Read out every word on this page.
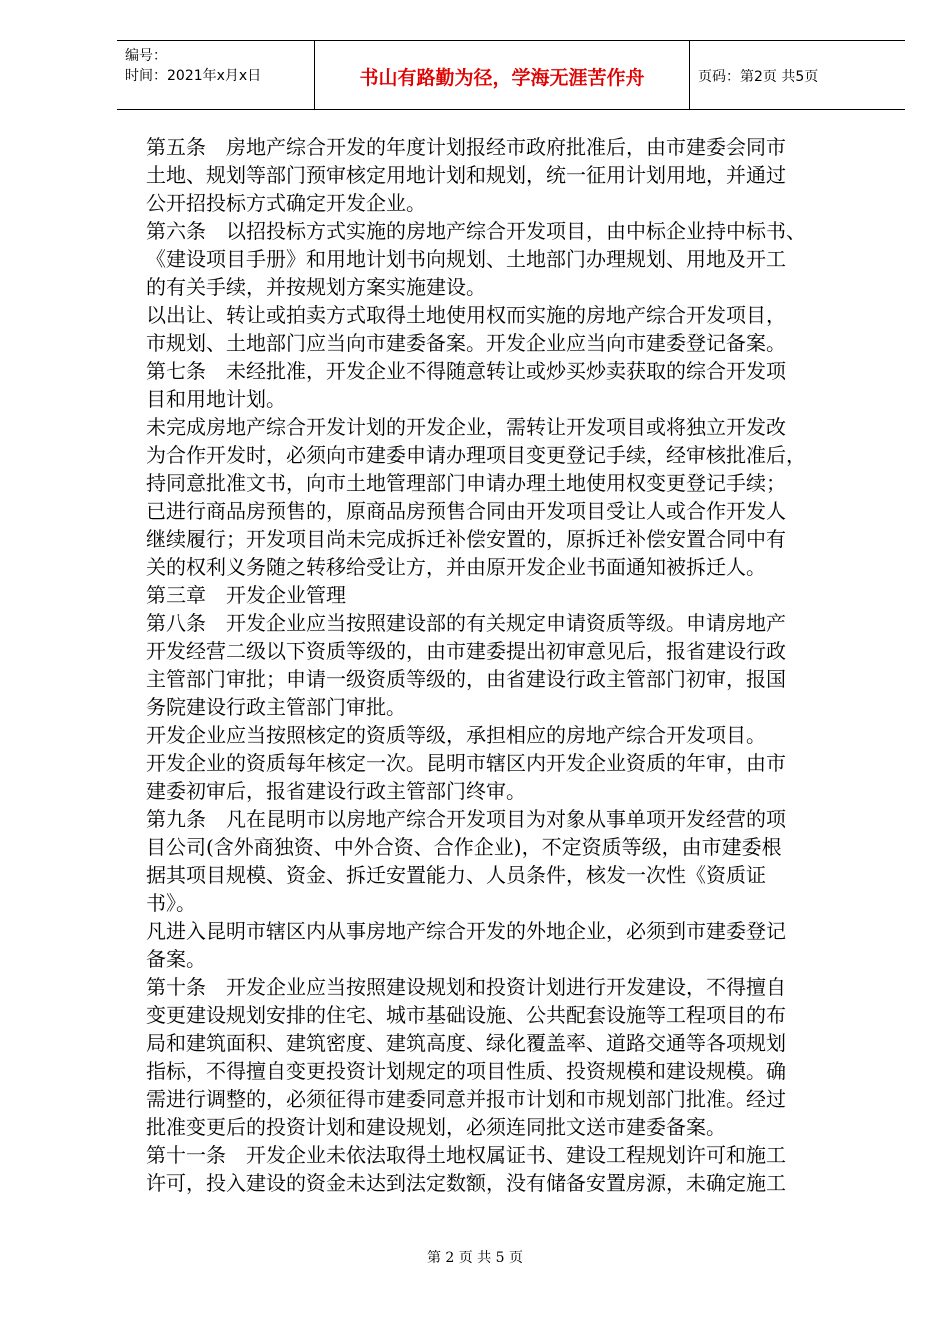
编号：
时间：2021年x月x日	书山有路勤为径，学海无涯苦作舟	页码：第2页 共5页
第五条　房地产综合开发的年度计划报经市政府批准后，由市建委会同市
土地、规划等部门预审核定用地计划和规划，统一征用计划用地，并通过
公开招投标方式确定开发企业。
第六条　以招投标方式实施的房地产综合开发项目，由中标企业持中标书、
《建设项目手册》和用地计划书向规划、土地部门办理规划、用地及开工
的有关手续，并按规划方案实施建设。
以出让、转让或拍卖方式取得土地使用权而实施的房地产综合开发项目，
市规划、土地部门应当向市建委备案。开发企业应当向市建委登记备案。
第七条　未经批准，开发企业不得随意转让或炒买炒卖获取的综合开发项
目和用地计划。
未完成房地产综合开发计划的开发企业，需转让开发项目或将独立开发改
为合作开发时，必须向市建委申请办理项目变更登记手续，经审核批准后，
持同意批准文书，向市土地管理部门申请办理土地使用权变更登记手续；
已进行商品房预售的，原商品房预售合同由开发项目受让人或合作开发人
继续履行；开发项目尚未完成拆迁补偿安置的，原拆迁补偿安置合同中有
关的权利义务随之转移给受让方，并由原开发企业书面通知被拆迁人。
第三章　开发企业管理
第八条　开发企业应当按照建设部的有关规定申请资质等级。申请房地产
开发经营二级以下资质等级的，由市建委提出初审意见后，报省建设行政
主管部门审批；申请一级资质等级的，由省建设行政主管部门初审，报国
务院建设行政主管部门审批。
开发企业应当按照核定的资质等级，承担相应的房地产综合开发项目。
开发企业的资质每年核定一次。昆明市辖区内开发企业资质的年审，由市
建委初审后，报省建设行政主管部门终审。
第九条　凡在昆明市以房地产综合开发项目为对象从事单项开发经营的项
目公司(含外商独资、中外合资、合作企业)，不定资质等级，由市建委根
据其项目规模、资金、拆迁安置能力、人员条件，核发一次性《资质证
书》。
凡进入昆明市辖区内从事房地产综合开发的外地企业，必须到市建委登记
备案。
第十条　开发企业应当按照建设规划和投资计划进行开发建设，不得擅自
变更建设规划安排的住宅、城市基础设施、公共配套设施等工程项目的布
局和建筑面积、建筑密度、建筑高度、绿化覆盖率、道路交通等各项规划
指标，不得擅自变更投资计划规定的项目性质、投资规模和建设规模。确
需进行调整的，必须征得市建委同意并报市计划和市规划部门批准。经过
批准变更后的投资计划和建设规划，必须连同批文送市建委备案。
第十一条　开发企业未依法取得土地权属证书、建设工程规划许可和施工
许可，投入建设的资金未达到法定数额，没有储备安置房源，未确定施工
第 2 页 共 5 页
